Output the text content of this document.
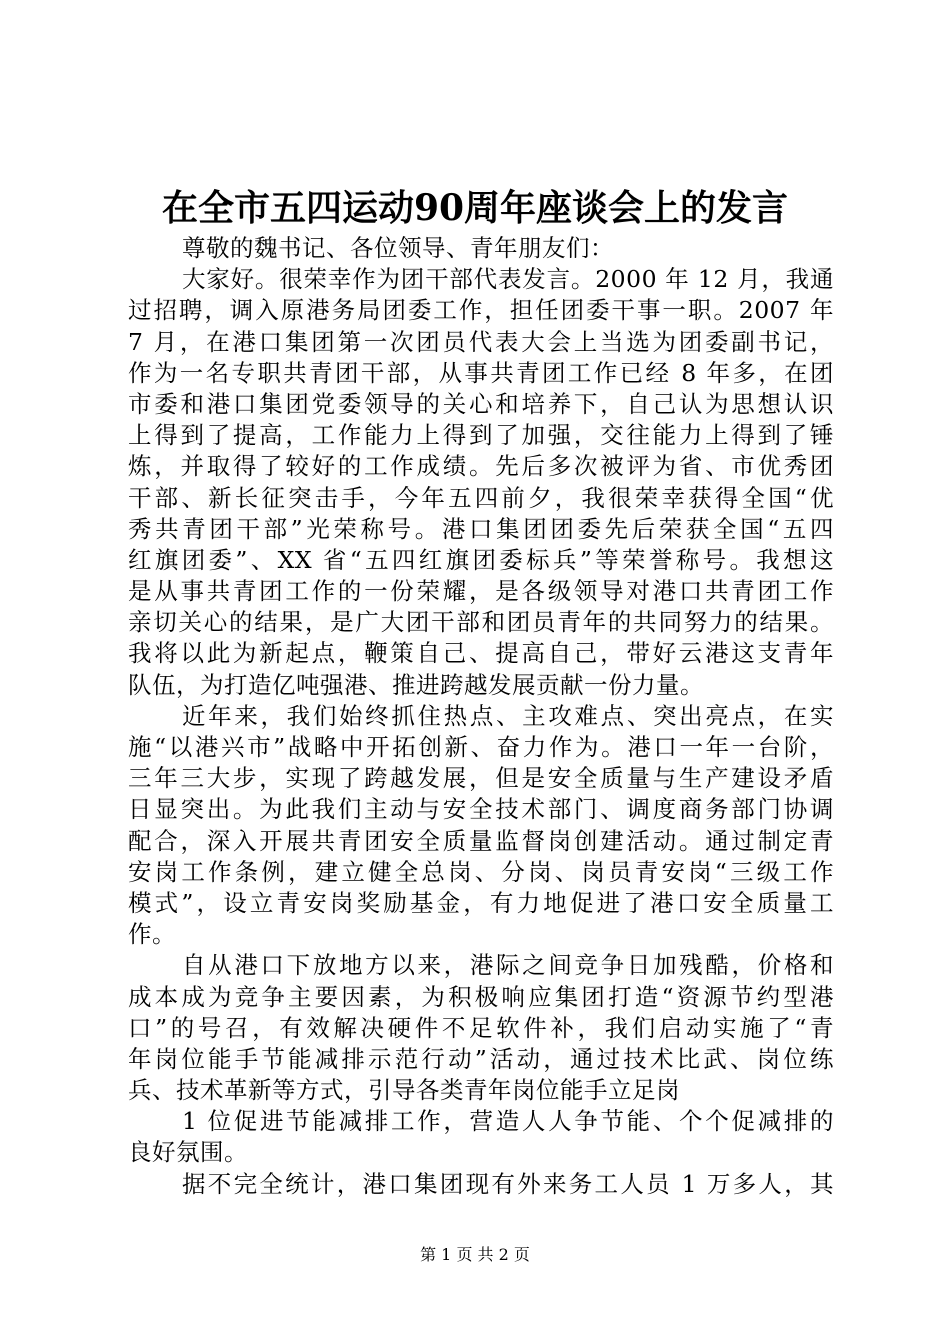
在全市五四运动90周年座谈会上的发言
尊敬的魏书记、各位领导、青年朋友们：
大家好。很荣幸作为团干部代表发言。2000 年 12 月，我通
过招聘，调入原港务局团委工作，担任团委干事一职。2007 年
7 月，在港口集团第一次团员代表大会上当选为团委副书记，
作为一名专职共青团干部，从事共青团工作已经 8 年多，在团
市委和港口集团党委领导的关心和培养下，自己认为思想认识
上得到了提高，工作能力上得到了加强，交往能力上得到了锤
炼，并取得了较好的工作成绩。先后多次被评为省、市优秀团
干部、新长征突击手，今年五四前夕，我很荣幸获得全国“优
秀共青团干部”光荣称号。港口集团团委先后荣获全国“五四
红旗团委”、XX 省“五四红旗团委标兵”等荣誉称号。我想这
是从事共青团工作的一份荣耀，是各级领导对港口共青团工作
亲切关心的结果，是广大团干部和团员青年的共同努力的结果。
我将以此为新起点，鞭策自己、提高自己，带好云港这支青年
队伍，为打造亿吨强港、推进跨越发展贡献一份力量。
近年来，我们始终抓住热点、主攻难点、突出亮点，在实
施“以港兴市”战略中开拓创新、奋力作为。港口一年一台阶，
三年三大步，实现了跨越发展，但是安全质量与生产建设矛盾
日显突出。为此我们主动与安全技术部门、调度商务部门协调
配合，深入开展共青团安全质量监督岗创建活动。通过制定青
安岗工作条例，建立健全总岗、分岗、岗员青安岗“三级工作
模式”，设立青安岗奖励基金，有力地促进了港口安全质量工
作。
自从港口下放地方以来，港际之间竞争日加残酷，价格和
成本成为竞争主要因素，为积极响应集团打造“资源节约型港
口”的号召，有效解决硬件不足软件补，我们启动实施了“青
年岗位能手节能减排示范行动”活动，通过技术比武、岗位练
兵、技术革新等方式，引导各类青年岗位能手立足岗
1 位促进节能减排工作，营造人人争节能、个个促减排的
良好氛围。
据不完全统计，港口集团现有外来务工人员 1 万多人，其
第 1 页 共 2 页
